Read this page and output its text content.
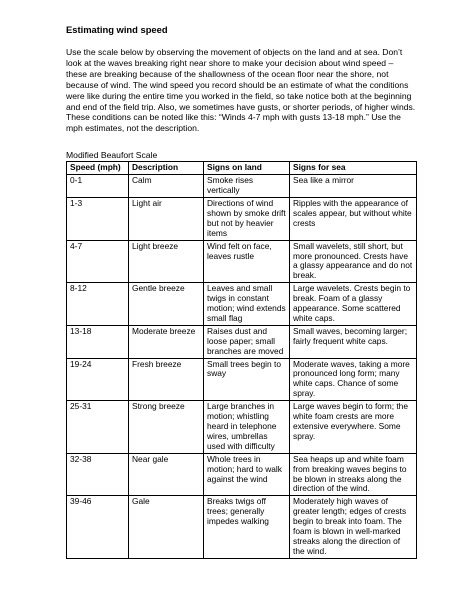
Estimating wind speed

Use the scale below by observing the movement of objects on the land and at sea. Don’t look at the waves breaking right near shore to make your decision about wind speed – these are breaking because of the shallowness of the ocean floor near the shore, not because of wind. The wind speed you record should be an estimate of what the conditions were like during the entire time you worked in the field, so take notice both at the beginning and end of the field trip. Also, we sometimes have gusts, or shorter periods, of higher winds. These conditions can be noted like this: “Winds 4-7 mph with gusts 13-18 mph.” Use the mph estimates, not the description.

Modified Beaufort Scale

Speed (mph)	Description	Signs on land	Signs for sea
0-1	Calm	Smoke rises vertically	Sea like a mirror
1-3	Light air	Directions of wind shown by smoke drift but not by heavier items	Ripples with the appearance of scales appear, but without white crests
4-7	Light breeze	Wind felt on face, leaves rustle	Small wavelets, still short, but more pronounced. Crests have a glassy appearance and do not break.
8-12	Gentle breeze	Leaves and small twigs in constant motion; wind extends small flag	Large wavelets. Crests begin to break. Foam of a glassy appearance. Some scattered white caps.
13-18	Moderate breeze	Raises dust and loose paper; small branches are moved	Small waves, becoming larger; fairly frequent white caps.
19-24	Fresh breeze	Small trees begin to sway	Moderate waves, taking a more pronounced long form; many white caps. Chance of some spray.
25-31	Strong breeze	Large branches in motion; whistling heard in telephone wires, umbrellas used with difficulty	Large waves begin to form; the white foam crests are more extensive everywhere. Some spray.
32-38	Near gale	Whole trees in motion; hard to walk against the wind	Sea heaps up and white foam from breaking waves begins to be blown in streaks along the direction of the wind.
39-46	Gale	Breaks twigs off trees; generally impedes walking	Moderately high waves of greater length; edges of crests begin to break into foam. The foam is blown in well-marked streaks along the direction of the wind.
